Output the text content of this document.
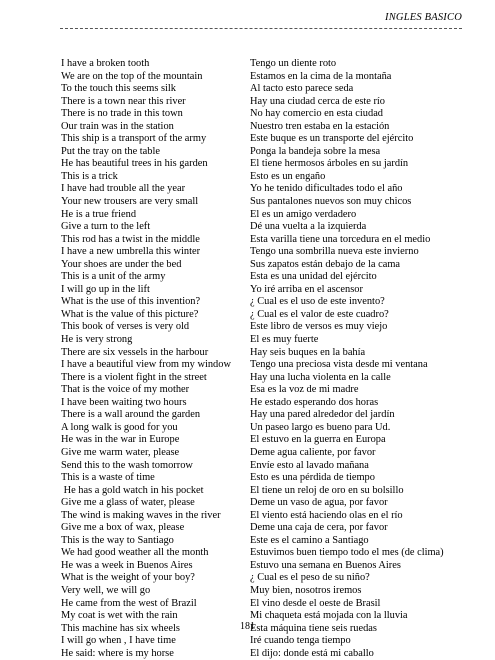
INGLES BASICO
I have a broken tooth
We are on the top of the mountain
To the touch this seems silk
There is a town near this river
There is no trade in this town
Our train was in the station
This ship is a transport of the army
Put the tray on the table
He has beautiful trees in his garden
This is a trick
I have had trouble all the year
Your new trousers are very small
He is a true friend
Give a turn to the left
This rod has a twist in the middle
I have a new umbrella this winter
Your shoes are under the bed
This is a unit of the army
I will go up in the lift
What is the use of this invention?
What is the value of this picture?
This book of verses is very old
He is very strong
There are six vessels in the harbour
I have a beautiful view from my window
There is a violent fight in the street
That is the voice of my mother
I have been waiting two hours
There is a wall around the garden
A long walk is good for you
He was in the war in Europe
Give me warm water, please
Send this to the wash tomorrow
This is a waste of time
He has a gold watch in his pocket
Give me a glass of water, please
The wind is making waves in the river
Give me a box of wax, please
This is the way to Santiago
We had good weather all the month
He was a week in Buenos Aires
What is the weight of your boy?
Very well, we will go
He came from the west of Brazil
My coat is wet with the rain
This machine has six wheels
I will go when , I have time
He said: where is my horse
Tengo un diente roto
Estamos en la cima de la montaña
Al tacto esto parece seda
Hay una ciudad cerca de este río
No hay comercio en esta ciudad
Nuestro tren estaba en la estación
Este buque es un transporte del ejército
Ponga la bandeja sobre la mesa
El tiene hermosos árboles en su jardín
Esto es un engaño
Yo he tenido dificultades todo el año
Sus pantalones nuevos son muy chicos
El es un amigo verdadero
Dé una vuelta a la izquierda
Esta varilla tiene una torcedura en el medio
Tengo una sombrilla nueva este invierno
Sus zapatos están debajo de la cama
Esta es una unidad del ejército
Yo iré arriba en el ascensor
¿ Cual es el uso de este invento?
¿ Cual es el valor de este cuadro?
Este libro de versos es muy viejo
El es muy fuerte
Hay seis buques en la bahía
Tengo una preciosa vista desde mi ventana
Hay una lucha violenta en la calle
Esa es la voz de mi madre
He estado esperando dos horas
Hay una pared alrededor del jardín
Un paseo largo es bueno para Ud.
El estuvo en la guerra en Europa
Deme agua caliente, por favor
Envíe esto al lavado mañana
Esto es una pérdida de tiempo
El tiene un reloj de oro en su bolsillo
Deme un vaso de agua, por favor
El viento está haciendo olas en el río
Deme una caja de cera, por favor
Este es el camino a Santiago
Estuvimos buen tiempo todo el mes (de clima)
Estuvo una semana en Buenos Aires
¿ Cual es el peso de su niño?
Muy bien, nosotros iremos
El vino desde el oeste de Brasil
Mi chaqueta está mojada con la lluvia
Esta máquina tiene seis ruedas
Iré cuando tenga tiempo
El dijo: donde está mi caballo
181
